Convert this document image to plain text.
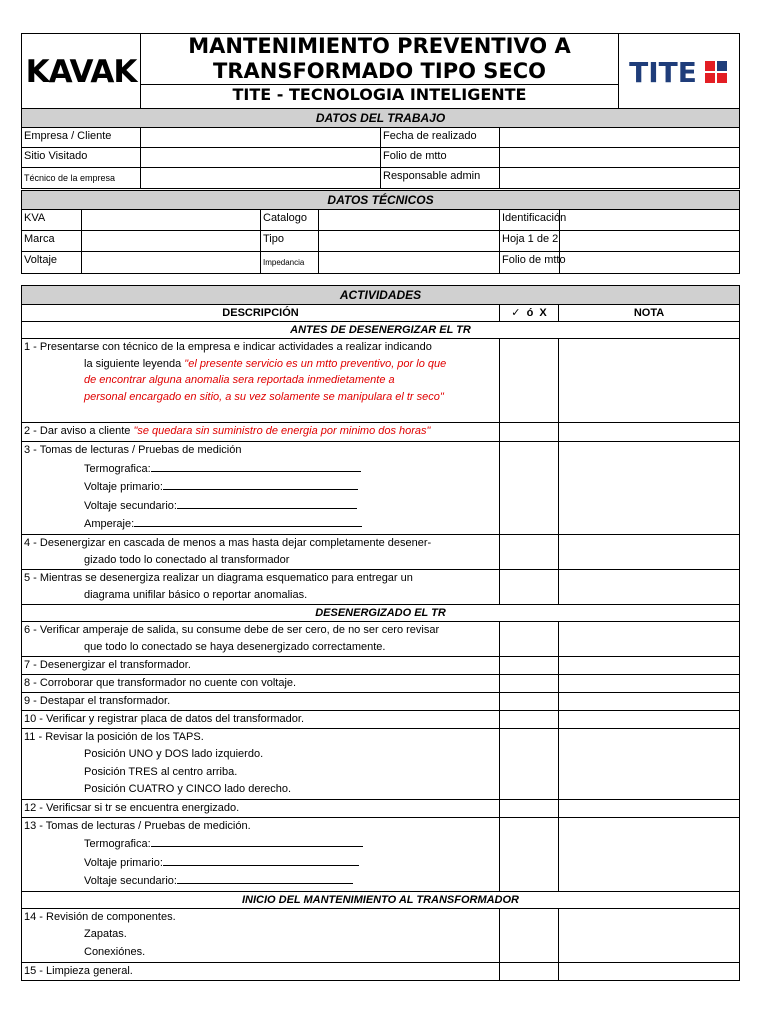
KAVAK	
MANTENIMIENTO PREVENTIVO A
TRANSFORMADO TIPO SECO
TITE - TECNOLOGIA INTELIGENTE

TITE
DATOS DEL TRABAJO			
Empresa / Cliente		Fecha de realizado	
Sitio Visitado		Folio de mtto	
Técnico de la empresa		Responsable admin	
DATOS TÉCNICOS					
KVA		Catalogo		Identificación	
Marca		Tipo		Hoja 1 de 2	
Voltaje		Impedancia		Folio de mtto	
ACTIVIDADES		
DESCRIPCIÓN	✓  ó  X	NOTA
ANTES DE DESENERGIZAR EL TR		

1 - Presentarse con técnico de la empresa e indicar actividades a realizar indicando
la siguiente leyenda "el presente servicio es un mtto preventivo, por lo que
de encontrar alguna anomalia sera reportada inmedietamente a
personal encargado en sitio, a su vez solamente se manipulara el tr seco"		

2 - Dar aviso a cliente "se quedara sin suministro de energia por minimo dos horas"		

3 - Tomas de lecturas / Pruebas de medición
Termografica:
Voltaje primario:
Voltaje secundario:
Amperaje:		

4 - Desenergizar en cascada de menos a mas hasta dejar completamente desener-
gizado todo lo conectado al transformador		

5 - Mientras se desenergiza realizar un diagrama esquematico para entregar un
diagrama unifilar básico o reportar anomalias.		

DESENERGIZADO EL TR		

6 - Verificar amperaje de salida, su consume debe de ser cero, de no ser cero revisar
que todo lo conectado se haya desenergizado correctamente.		

7 - Desenergizar el transformador.		
8 - Corroborar que transformador no cuente con voltaje.		
9 - Destapar el transformador.		
10 - Verificar y registrar placa de datos del transformador.		

11 - Revisar la posición de los TAPS.
Posición UNO y DOS lado izquierdo.
Posición TRES al centro arriba.
Posición CUATRO y CINCO lado derecho.		

12 - Verificsar si tr se encuentra energizado.		

13 - Tomas de lecturas / Pruebas de medición.
Termografica:
Voltaje primario:
Voltaje secundario:		

INICIO DEL MANTENIMIENTO AL TRANSFORMADOR		

14 - Revisión de componentes.
Zapatas.
Conexiónes.		

15 - Limpieza general.		
